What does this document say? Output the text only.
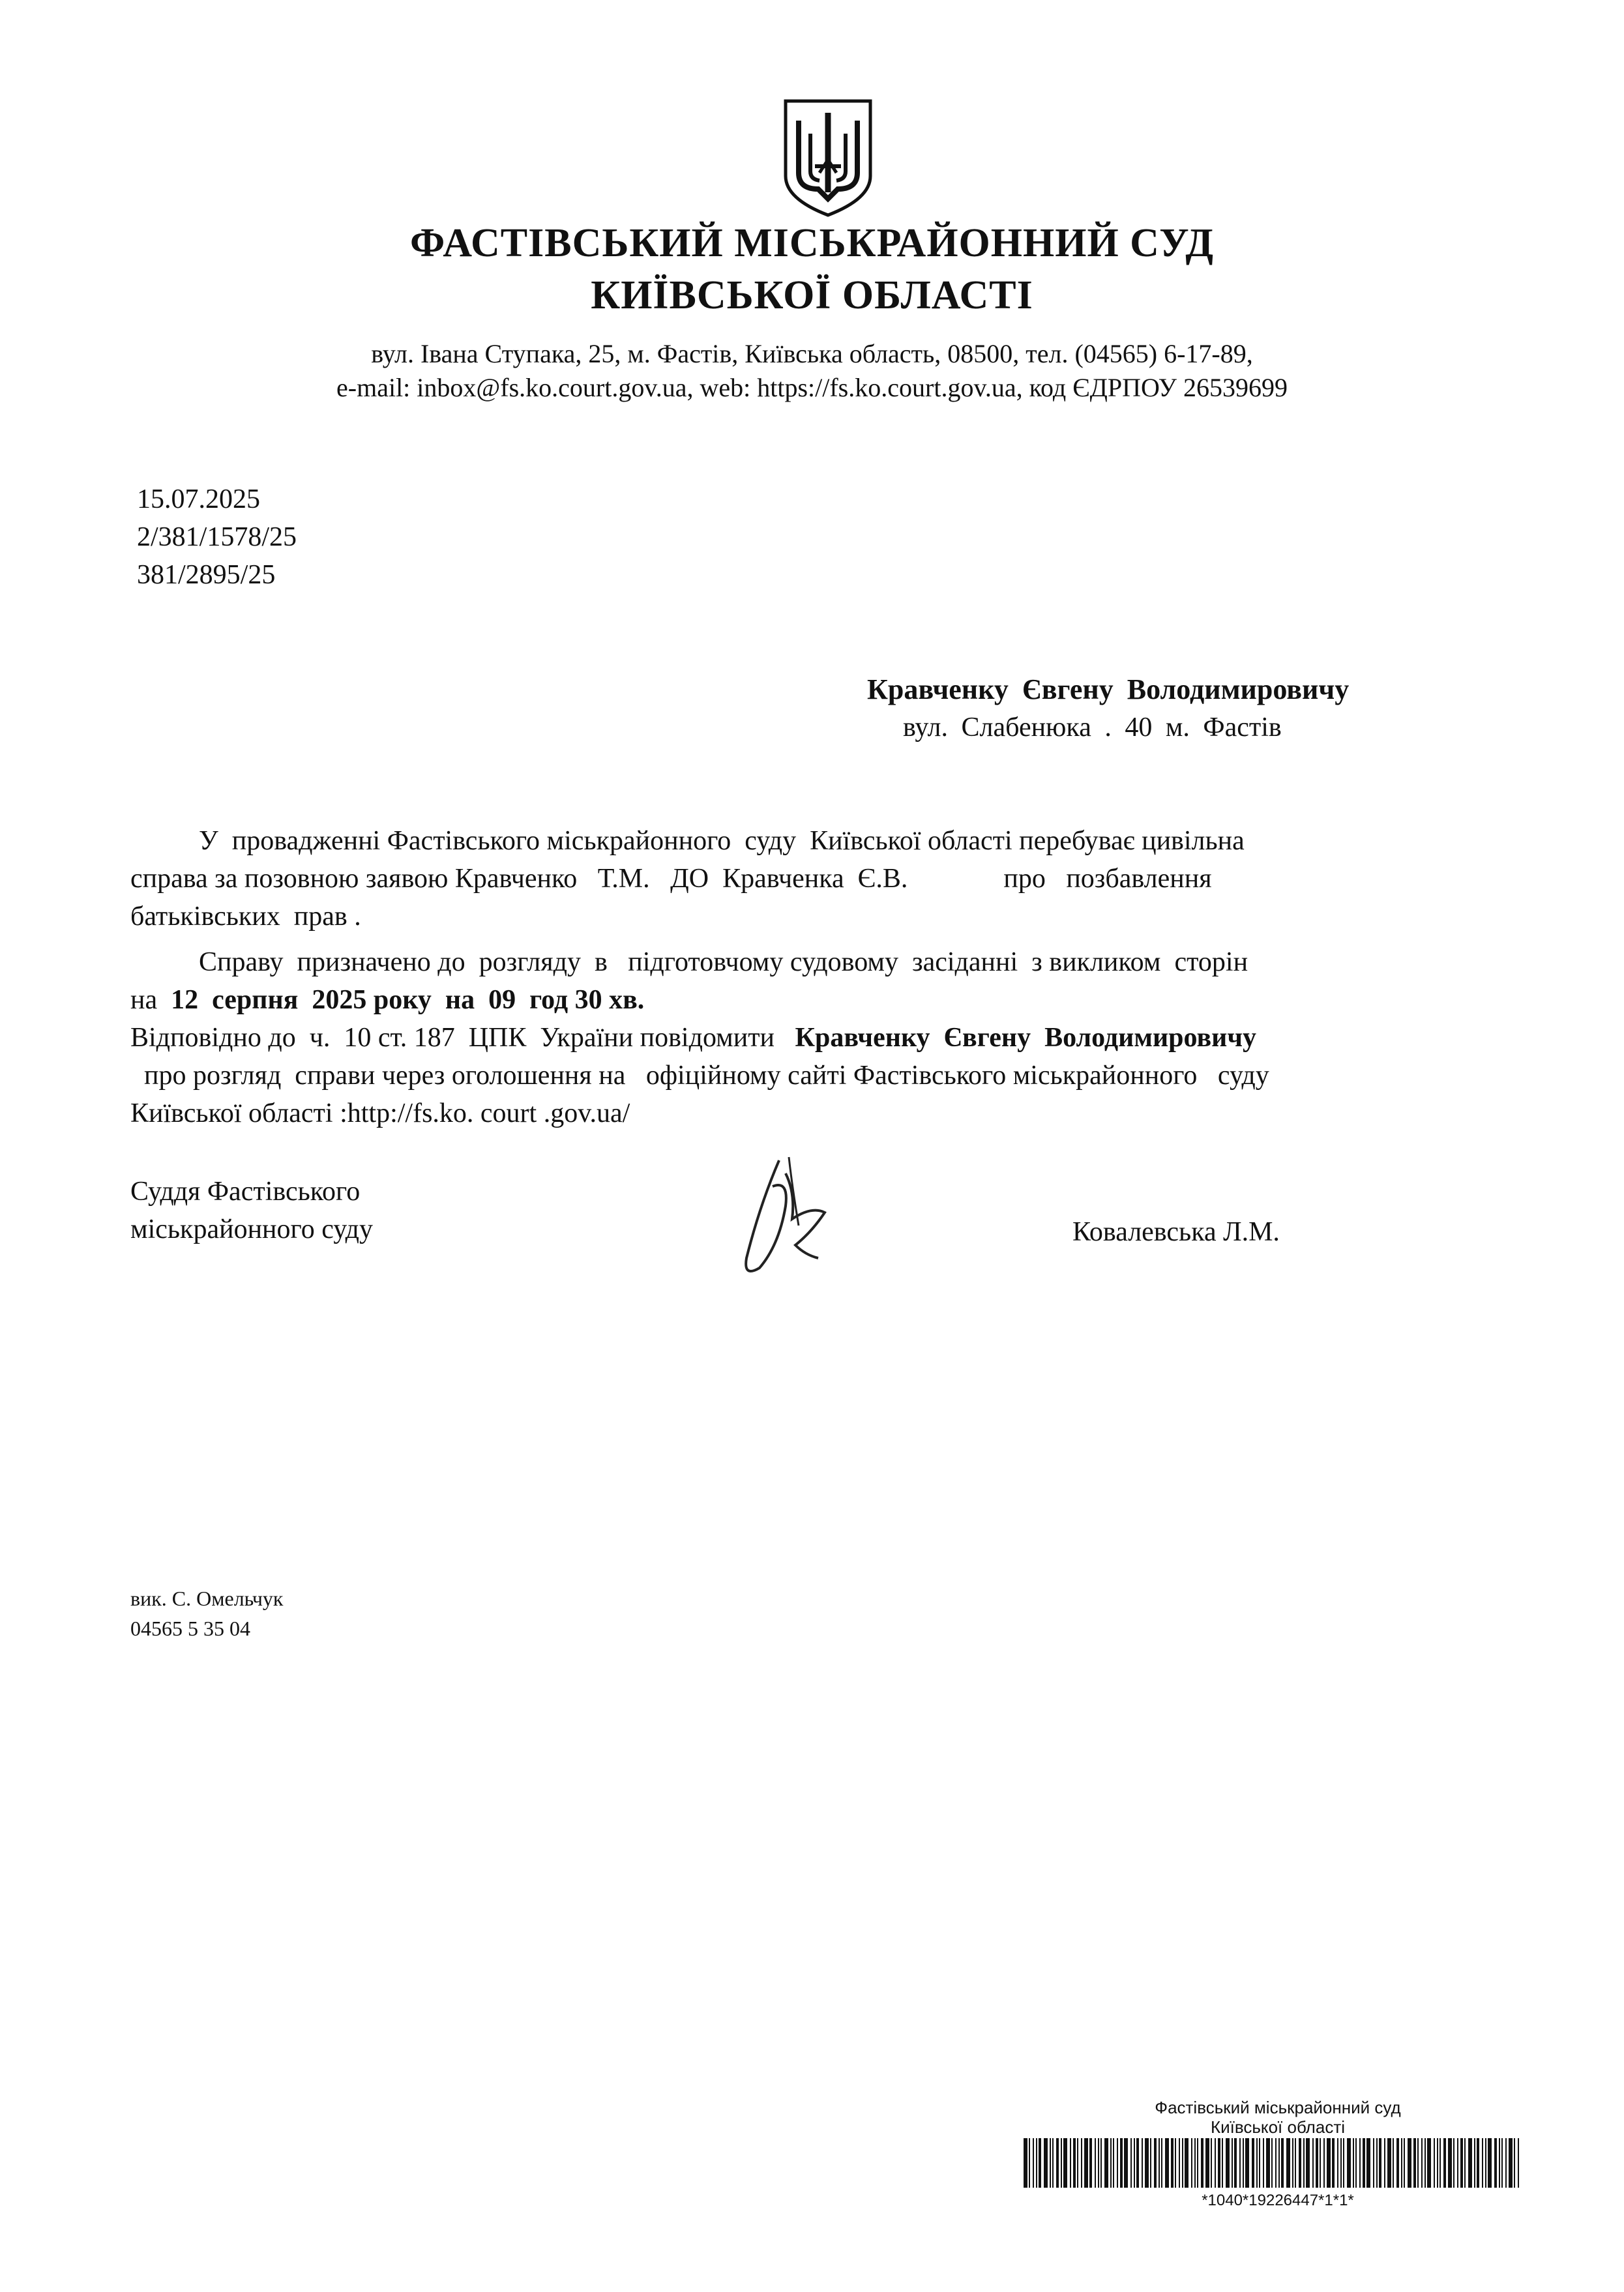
ФАСТІВСЬКИЙ МІСЬКРАЙОННИЙ СУД
КИЇВСЬКОЇ ОБЛАСТІ
вул. Івана Ступака, 25, м. Фастів, Київська область, 08500, тел. (04565) 6-17-89,
e-mail: inbox@fs.ko.court.gov.ua, web: https://fs.ko.court.gov.ua, код ЄДРПОУ 26539699
15.07.2025
2/381/1578/25
381/2895/25
Кравченку Євгену Володимировичу
вул. Слабенюка . 40 м. Фастів
У  провадженні Фастівського міськрайонного  суду  Київської області перебуває цивільна
справа за позовною заявою Кравченко   Т.М.   ДО  Кравченка  Є.В.              про   позбавлення
батьківських  прав .
Справу  призначено до  розгляду  в   підготовчому судовому  засіданні  з викликом  сторін
на  12  серпня  2025 року  на  09  год 30 хв.
Відповідно до  ч.  10 ст. 187  ЦПК  України повідомити   Кравченку  Євгену  Володимировичу
про розгляд  справи через оголошення на   офіційному сайті Фастівського міськрайонного   суду
Київської області :http://fs.ko. court .gov.ua/
Суддя Фастівського
міськрайонного суду	Ковалевська Л.М.
вик. С. Омельчук
04565 5 35 04
Фастівський міськрайонний суд
Київської області
*1040*19226447*1*1*
